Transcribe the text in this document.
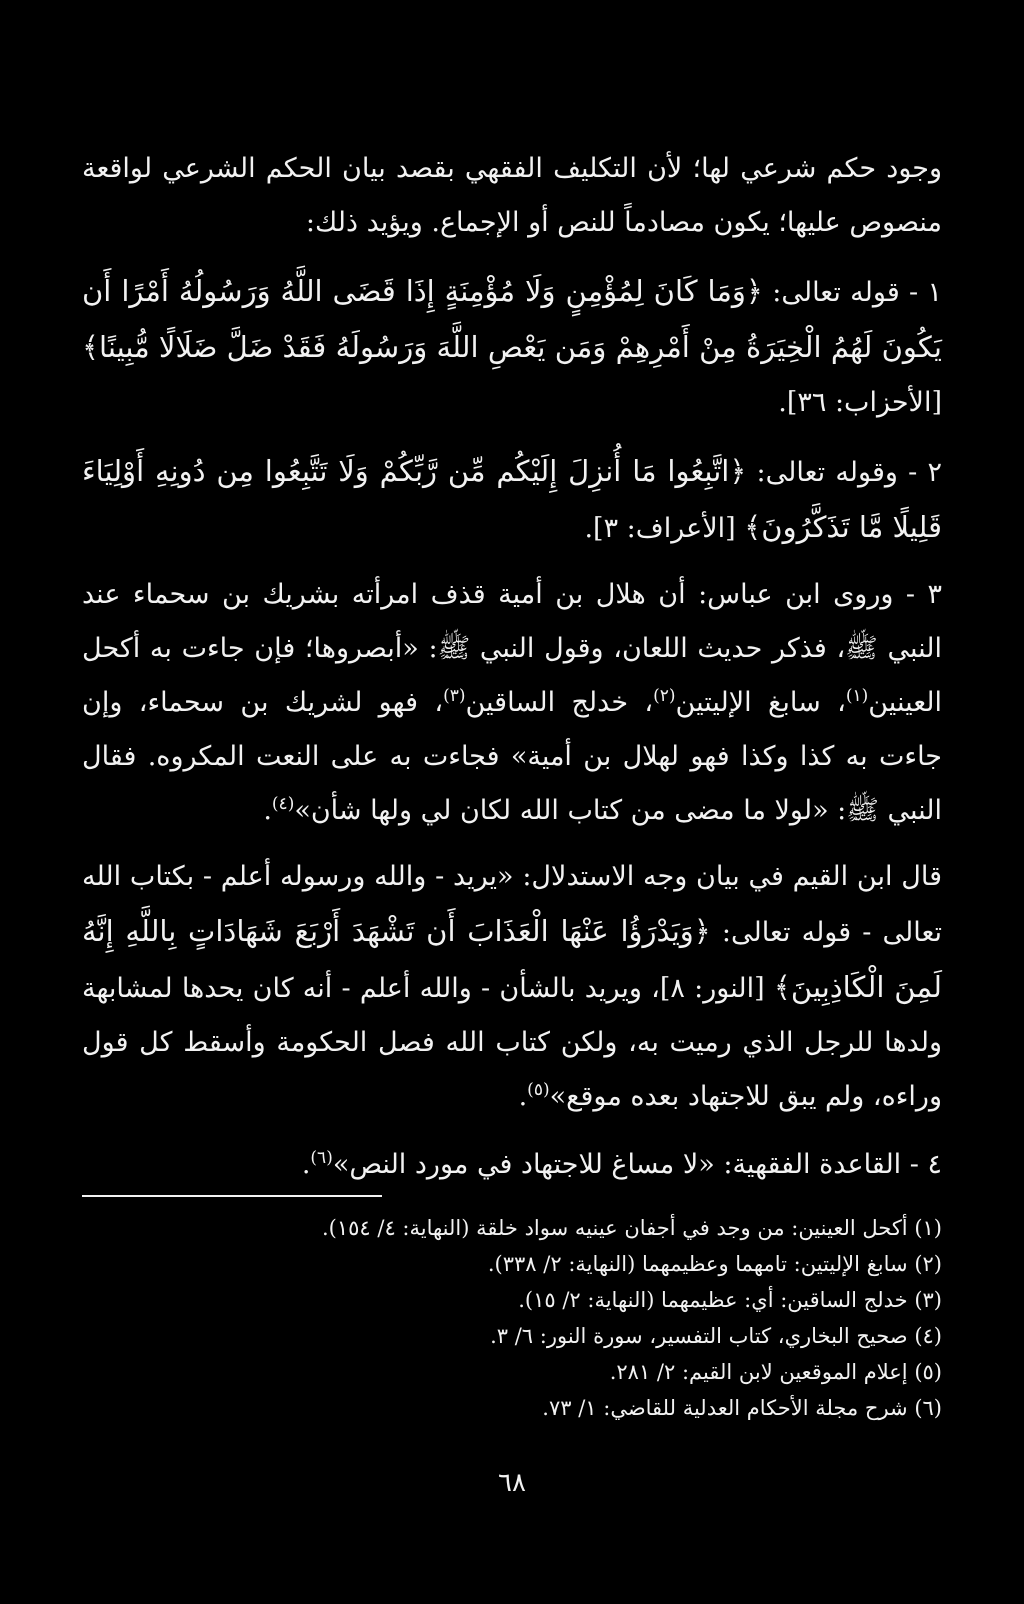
وجود حكم شرعي لها؛ لأن التكليف الفقهي بقصد بيان الحكم الشرعي لواقعة منصوص عليها؛ يكون مصادماً للنص أو الإجماع. ويؤيد ذلك:

١ - قوله تعالى: ﴿وَمَا كَانَ لِمُؤْمِنٍ وَلَا مُؤْمِنَةٍ إِذَا قَضَى اللَّهُ وَرَسُولُهُ أَمْرًا أَن يَكُونَ لَهُمُ الْخِيَرَةُ مِنْ أَمْرِهِمْ وَمَن يَعْصِ اللَّهَ وَرَسُولَهُ فَقَدْ ضَلَّ ضَلَالًا مُّبِينًا﴾ [الأحزاب: ٣٦].

٢ - وقوله تعالى: ﴿اتَّبِعُوا مَا أُنزِلَ إِلَيْكُم مِّن رَّبِّكُمْ وَلَا تَتَّبِعُوا مِن دُونِهِ أَوْلِيَاءَ قَلِيلًا مَّا تَذَكَّرُونَ﴾ [الأعراف: ٣].

٣ - وروى ابن عباس: أن هلال بن أمية قذف امرأته بشريك بن سحماء عند النبي ﷺ، فذكر حديث اللعان، وقول النبي ﷺ: «أبصروها؛ فإن جاءت به أكحل العينين$^{(١)}$، سابغ الإليتين$^{(٢)}$، خدلج الساقين$^{(٣)}$، فهو لشريك بن سحماء، وإن جاءت به كذا وكذا فهو لهلال بن أمية» فجاءت به على النعت المكروه. فقال النبي ﷺ: «لولا ما مضى من كتاب الله لكان لي ولها شأن»$^{(٤)}$.

قال ابن القيم في بيان وجه الاستدلال: «يريد - والله ورسوله أعلم - بكتاب الله تعالى - قوله تعالى: ﴿وَيَدْرَؤُا عَنْهَا الْعَذَابَ أَن تَشْهَدَ أَرْبَعَ شَهَادَاتٍ بِاللَّهِ إِنَّهُ لَمِنَ الْكَاذِبِينَ﴾ [النور: ٨]، ويريد بالشأن - والله أعلم - أنه كان يحدها لمشابهة ولدها للرجل الذي رميت به، ولكن كتاب الله فصل الحكومة وأسقط كل قول وراءه، ولم يبق للاجتهاد بعده موقع»$^{(٥)}$.

٤ - القاعدة الفقهية: «لا مساغ للاجتهاد في مورد النص»$^{(٦)}$.

(١) أكحل العينين: من وجد في أجفان عينيه سواد خلقة (النهاية: ٤/ ١٥٤).

(٢) سابغ الإليتين: تامهما وعظيمهما (النهاية: ٢/ ٣٣٨).

(٣) خدلج الساقين: أي: عظيمهما (النهاية: ٢/ ١٥).

(٤) صحيح البخاري، كتاب التفسير، سورة النور: ٦/ ٣.

(٥) إعلام الموقعين لابن القيم: ٢/ ٢٨١.

(٦) شرح مجلة الأحكام العدلية للقاضي: ١/ ٧٣.

٦٨
